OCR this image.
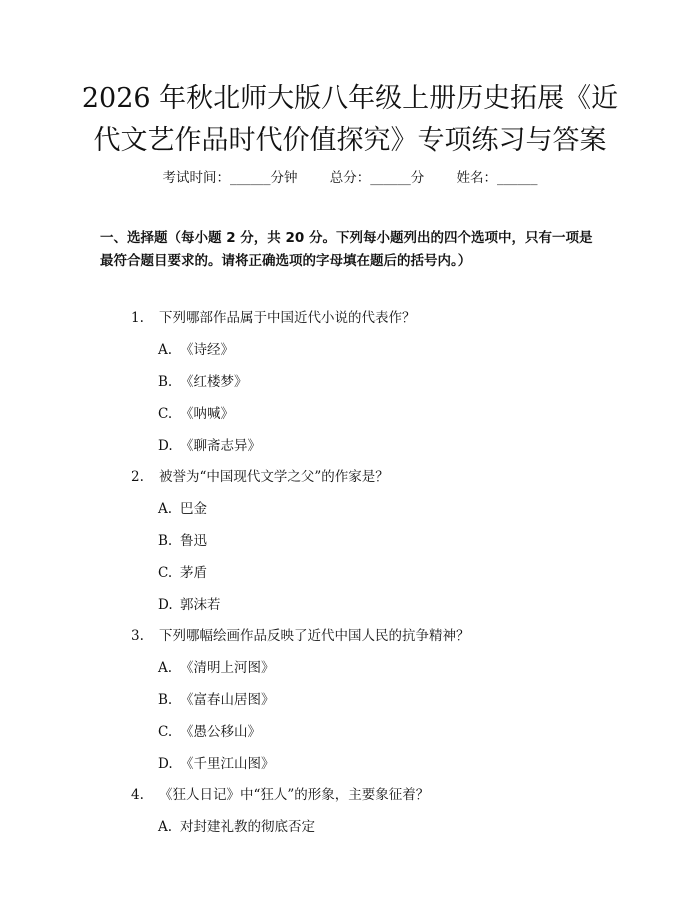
2026 年秋北师大版八年级上册历史拓展《近
代文艺作品时代价值探究》专项练习与答案
考试时间：______分钟 总分：______分 姓名：______
一、选择题（每小题 2 分，共 20 分。下列每小题列出的四个选项中，只有一项是最符合题目要求的。请将正确选项的字母填在题后的括号内。）
1. 下列哪部作品属于中国近代小说的代表作？
A. 《诗经》
B. 《红楼梦》
C. 《呐喊》
D. 《聊斋志异》
2. 被誉为“中国现代文学之父”的作家是？
A. 巴金
B. 鲁迅
C. 茅盾
D. 郭沫若
3. 下列哪幅绘画作品反映了近代中国人民的抗争精神？
A. 《清明上河图》
B. 《富春山居图》
C. 《愚公移山》
D. 《千里江山图》
4. 《狂人日记》中“狂人”的形象，主要象征着？
A. 对封建礼教的彻底否定
